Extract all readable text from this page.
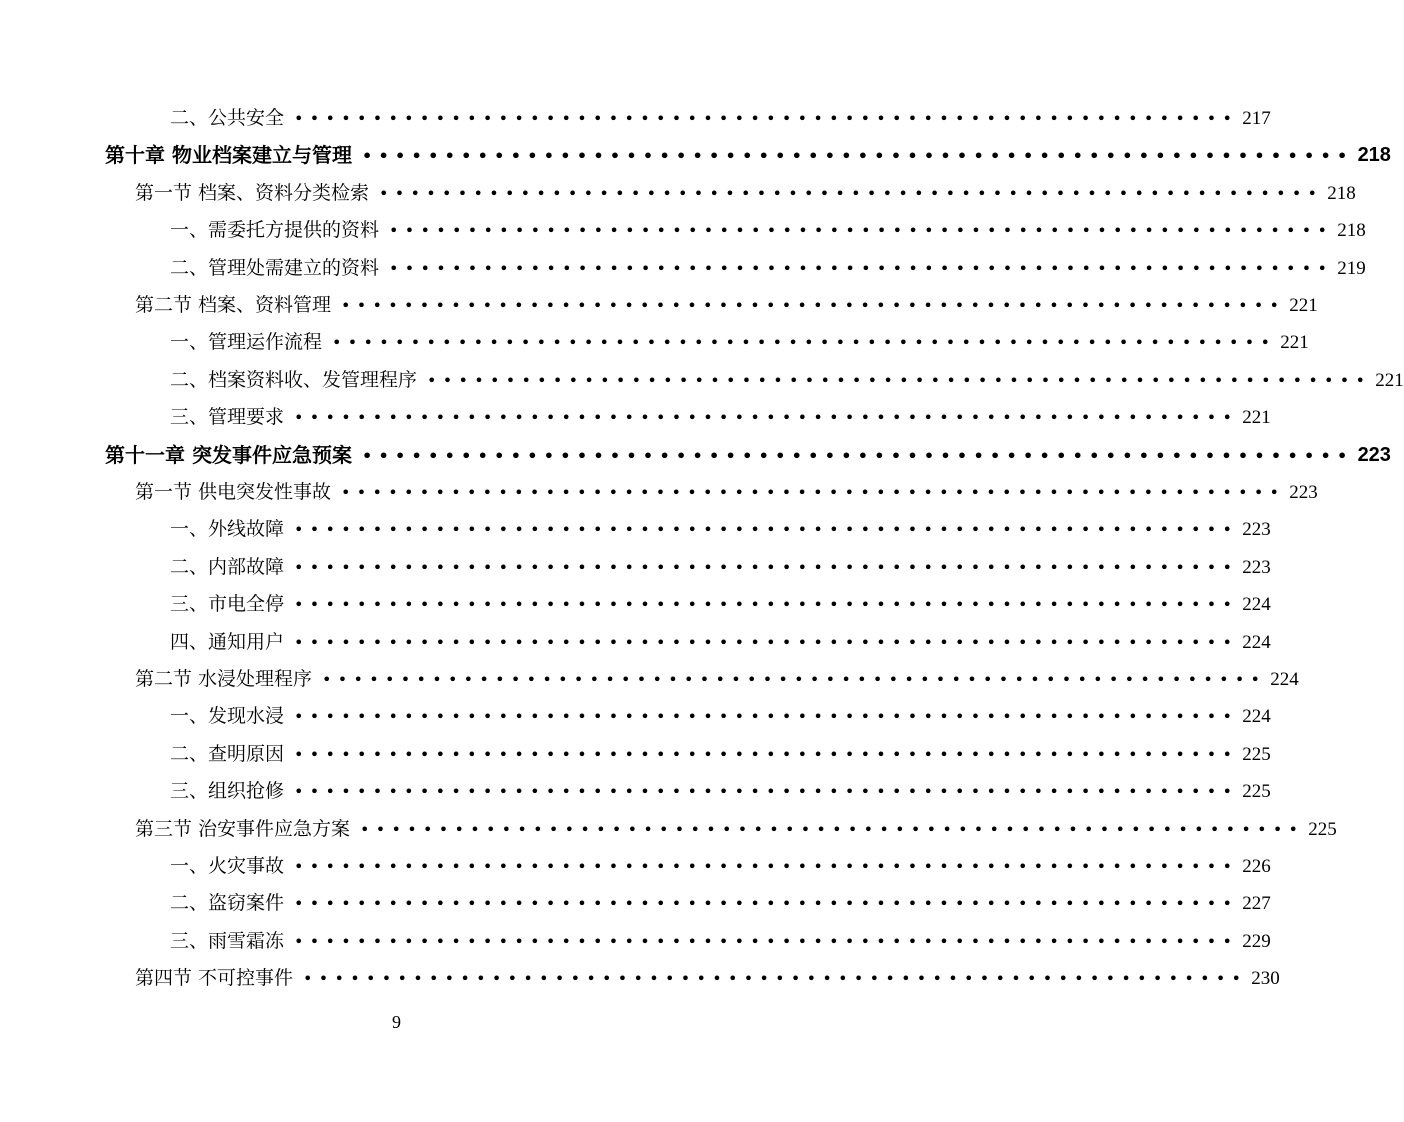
二、公共安全 •••••••••••••••••••••••••••••••••••••••••••••••••••••••••••• 217
第十章 物业档案建立与管理 •••••••••••••••••••••••••••••••••••••••••••••••••••••••••••• 218
第一节 档案、资料分类检索 •••••••••••••••••••••••••••••••••••••••••••••••••••••••••••• 218
一、需委托方提供的资料 •••••••••••••••••••••••••••••••••••••••••••••••••••••••••••• 218
二、管理处需建立的资料 •••••••••••••••••••••••••••••••••••••••••••••••••••••••••••• 219
第二节 档案、资料管理 •••••••••••••••••••••••••••••••••••••••••••••••••••••••••••• 221
一、管理运作流程 •••••••••••••••••••••••••••••••••••••••••••••••••••••••••••• 221
二、档案资料收、发管理程序 •••••••••••••••••••••••••••••••••••••••••••••••••••••••••••• 221
三、管理要求 •••••••••••••••••••••••••••••••••••••••••••••••••••••••••••• 221
第十一章 突发事件应急预案 •••••••••••••••••••••••••••••••••••••••••••••••••••••••••••• 223
第一节 供电突发性事故 •••••••••••••••••••••••••••••••••••••••••••••••••••••••••••• 223
一、外线故障 •••••••••••••••••••••••••••••••••••••••••••••••••••••••••••• 223
二、内部故障 •••••••••••••••••••••••••••••••••••••••••••••••••••••••••••• 223
三、市电全停 •••••••••••••••••••••••••••••••••••••••••••••••••••••••••••• 224
四、通知用户 •••••••••••••••••••••••••••••••••••••••••••••••••••••••••••• 224
第二节 水浸处理程序 •••••••••••••••••••••••••••••••••••••••••••••••••••••••••••• 224
一、发现水浸 •••••••••••••••••••••••••••••••••••••••••••••••••••••••••••• 224
二、查明原因 •••••••••••••••••••••••••••••••••••••••••••••••••••••••••••• 225
三、组织抢修 •••••••••••••••••••••••••••••••••••••••••••••••••••••••••••• 225
第三节 治安事件应急方案 •••••••••••••••••••••••••••••••••••••••••••••••••••••••••••• 225
一、火灾事故 •••••••••••••••••••••••••••••••••••••••••••••••••••••••••••• 226
二、盗窃案件 •••••••••••••••••••••••••••••••••••••••••••••••••••••••••••• 227
三、雨雪霜冻 •••••••••••••••••••••••••••••••••••••••••••••••••••••••••••• 229
第四节 不可控事件 •••••••••••••••••••••••••••••••••••••••••••••••••••••••••••• 230
9
